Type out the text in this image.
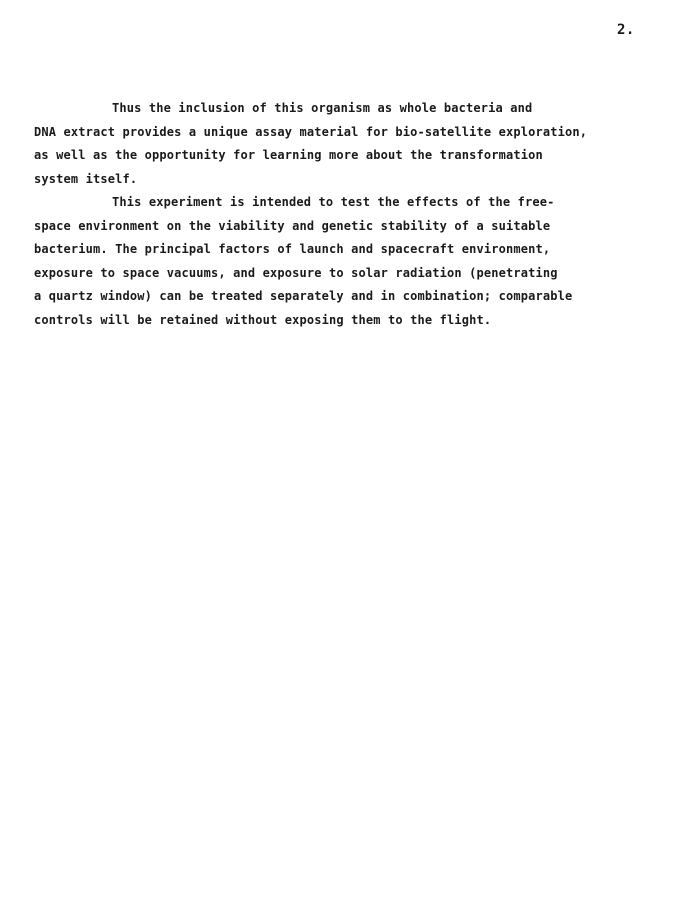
2.
Thus the inclusion of this organism as whole bacteria and
DNA extract provides a unique assay material for bio-satellite exploration,
as well as the opportunity for learning more about the transformation
system itself.
This experiment is intended to test the effects of the free-
space environment on the viability and genetic stability of a suitable
bacterium. The principal factors of launch and spacecraft environment,
exposure to space vacuums, and exposure to solar radiation (penetrating
a quartz window) can be treated separately and in combination; comparable
controls will be retained without exposing them to the flight.
